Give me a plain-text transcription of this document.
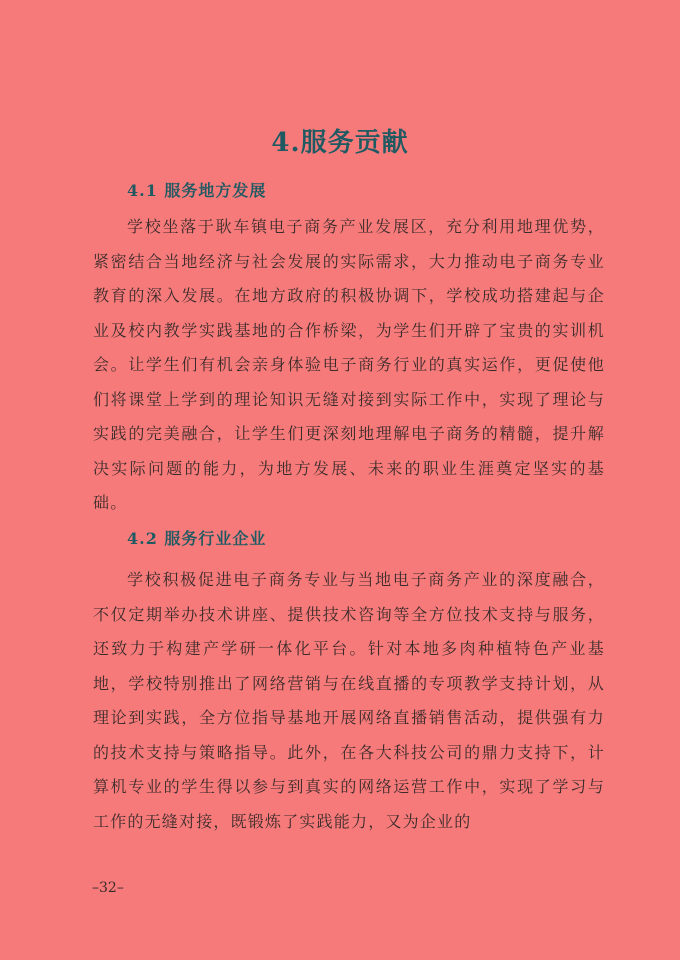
4.服务贡献
4.1 服务地方发展

学校坐落于耿车镇电子商务产业发展区，充分利用地理优势，紧密结合当地经济与社会发展的实际需求，大力推动电子商务专业教育的深入发展。在地方政府的积极协调下，学校成功搭建起与企业及校内教学实践基地的合作桥梁，为学生们开辟了宝贵的实训机会。让学生们有机会亲身体验电子商务行业的真实运作，更促使他们将课堂上学到的理论知识无缝对接到实际工作中，实现了理论与实践的完美融合，让学生们更深刻地理解电子商务的精髓，提升解决实际问题的能力，为地方发展、未来的职业生涯奠定坚实的基础。

4.2 服务行业企业

学校积极促进电子商务专业与当地电子商务产业的深度融合，不仅定期举办技术讲座、提供技术咨询等全方位技术支持与服务，还致力于构建产学研一体化平台。针对本地多肉种植特色产业基地，学校特别推出了网络营销与在线直播的专项教学支持计划，从理论到实践，全方位指导基地开展网络直播销售活动，提供强有力的技术支持与策略指导。此外，在各大科技公司的鼎力支持下，计算机专业的学生得以参与到真实的网络运营工作中，实现了学习与工作的无缝对接，既锻炼了实践能力，又为企业的

–32–
